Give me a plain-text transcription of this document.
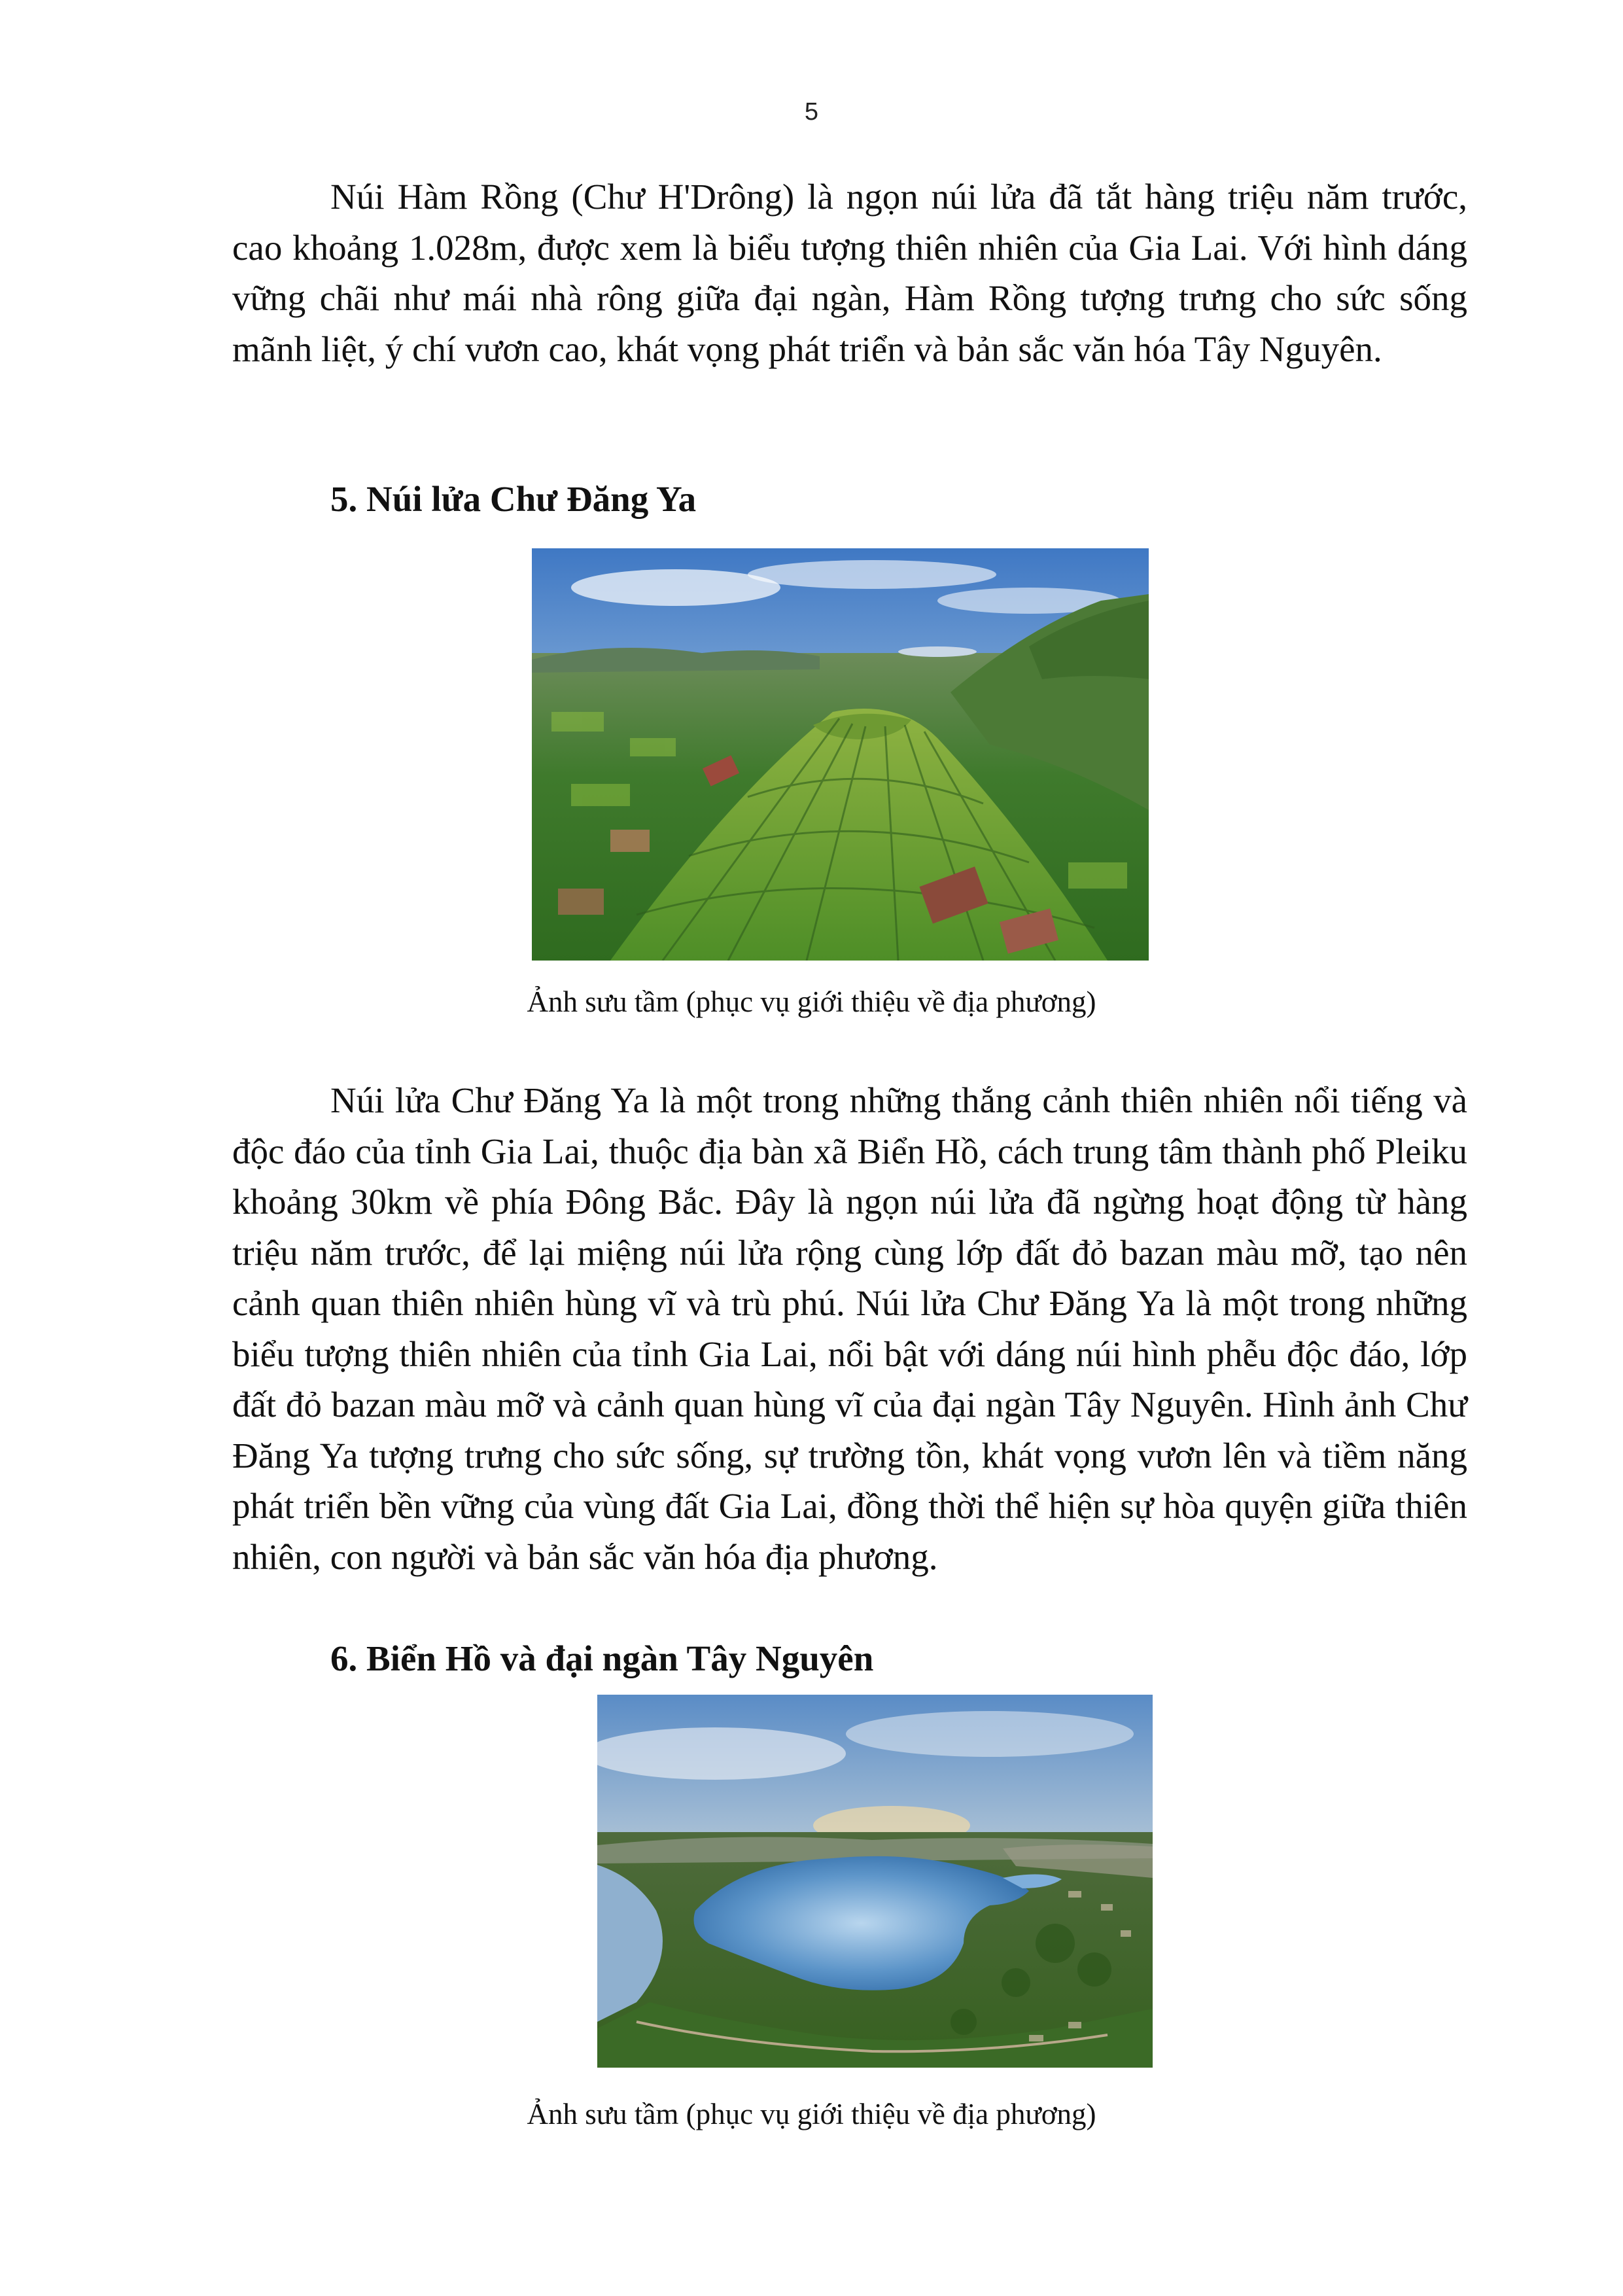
5

Núi Hàm Rồng (Chư H'Drông) là ngọn núi lửa đã tắt hàng triệu năm trước, cao khoảng 1.028m, được xem là biểu tượng thiên nhiên của Gia Lai. Với hình dáng vững chãi như mái nhà rông giữa đại ngàn, Hàm Rồng tượng trưng cho sức sống mãnh liệt, ý chí vươn cao, khát vọng phát triển và bản sắc văn hóa Tây Nguyên.

5. Núi lửa Chư Đăng Ya

Ảnh sưu tầm (phục vụ giới thiệu về địa phương)

Núi lửa Chư Đăng Ya là một trong những thắng cảnh thiên nhiên nổi tiếng và độc đáo của tỉnh Gia Lai, thuộc địa bàn xã Biển Hồ, cách trung tâm thành phố Pleiku khoảng 30km về phía Đông Bắc. Đây là ngọn núi lửa đã ngừng hoạt động từ hàng triệu năm trước, để lại miệng núi lửa rộng cùng lớp đất đỏ bazan màu mỡ, tạo nên cảnh quan thiên nhiên hùng vĩ và trù phú. Núi lửa Chư Đăng Ya là một trong những biểu tượng thiên nhiên của tỉnh Gia Lai, nổi bật với dáng núi hình phễu độc đáo, lớp đất đỏ bazan màu mỡ và cảnh quan hùng vĩ của đại ngàn Tây Nguyên. Hình ảnh Chư Đăng Ya tượng trưng cho sức sống, sự trường tồn, khát vọng vươn lên và tiềm năng phát triển bền vững của vùng đất Gia Lai, đồng thời thể hiện sự hòa quyện giữa thiên nhiên, con người và bản sắc văn hóa địa phương.

6. Biển Hồ và đại ngàn Tây Nguyên

Ảnh sưu tầm (phục vụ giới thiệu về địa phương)
